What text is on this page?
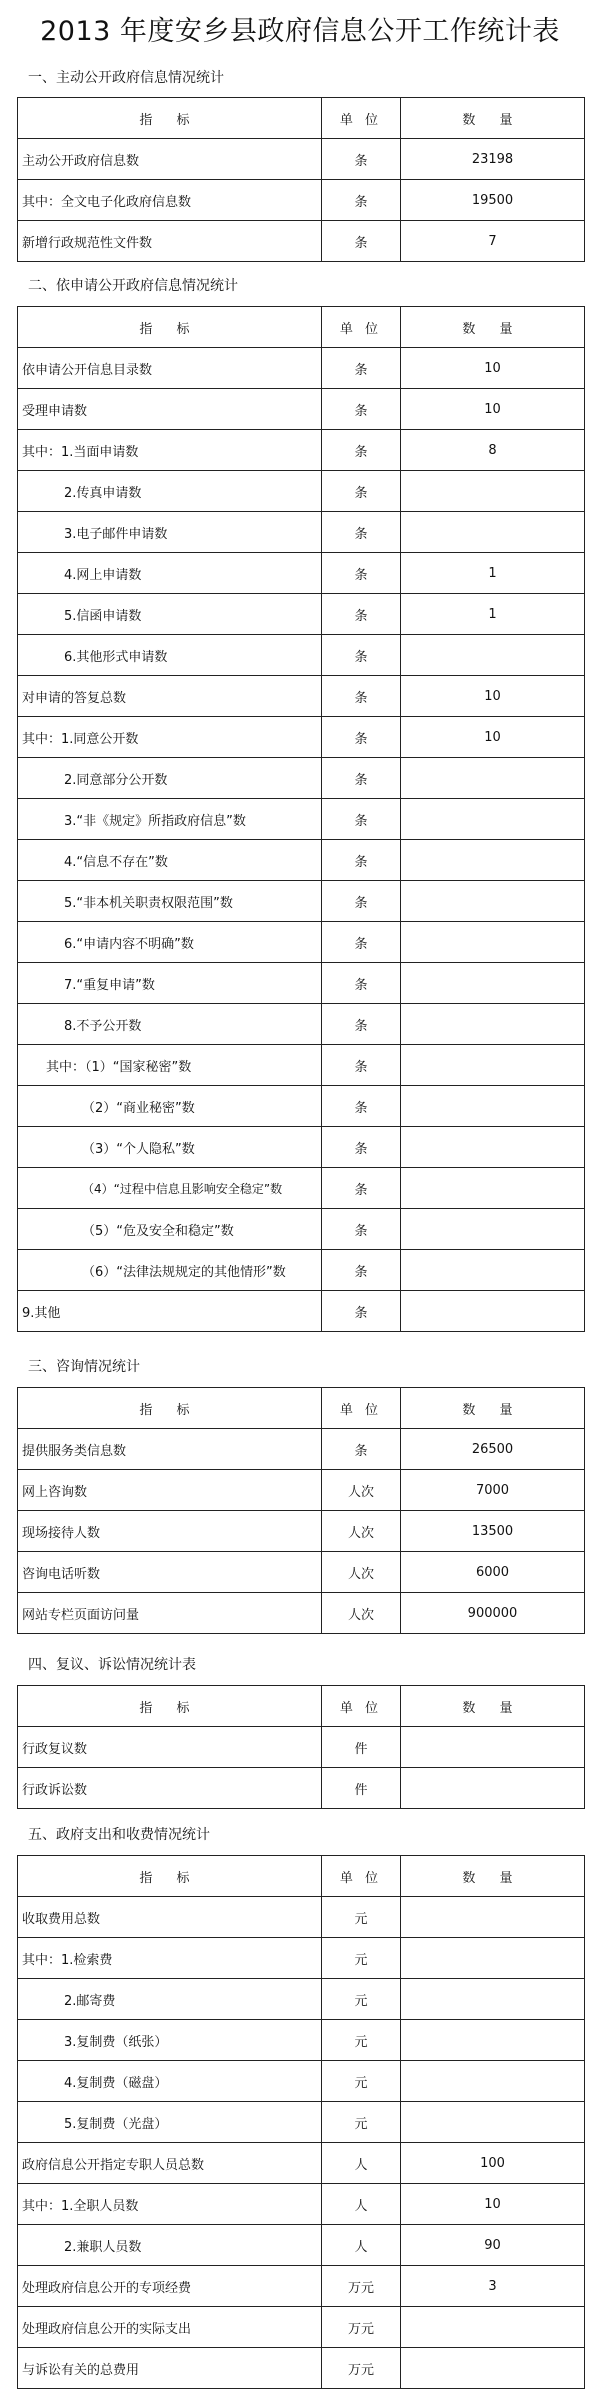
2013 年度安乡县政府信息公开工作统计表
一、主动公开政府信息情况统计
指 标	单 位	数 量
主动公开政府信息数	条	23198
其中：全文电子化政府信息数	条	19500
新增行政规范性文件数	条	7
二、依申请公开政府信息情况统计
指 标	单 位	数 量
依申请公开信息目录数	条	10
受理申请数	条	10
其中：1.当面申请数	条	8
2.传真申请数	条	
3.电子邮件申请数	条	
4.网上申请数	条	1
5.信函申请数	条	1
6.其他形式申请数	条	
对申请的答复总数	条	10
其中：1.同意公开数	条	10
2.同意部分公开数	条	
3.“非《规定》所指政府信息”数	条	
4.“信息不存在”数	条	
5.“非本机关职责权限范围”数	条	
6.“申请内容不明确”数	条	
7.“重复申请”数	条	
8.不予公开数	条	
其中：（1）“国家秘密”数	条	
（2）“商业秘密”数	条	
（3）“个人隐私”数	条	
（4）“过程中信息且影响安全稳定”数	条	
（5）“危及安全和稳定”数	条	
（6）“法律法规规定的其他情形”数	条	
9.其他	条	
三、咨询情况统计
指 标	单 位	数 量
提供服务类信息数	条	26500
网上咨询数	人次	7000
现场接待人数	人次	13500
咨询电话听数	人次	6000
网站专栏页面访问量	人次	900000
四、复议、诉讼情况统计表
指 标	单 位	数 量
行政复议数	件	
行政诉讼数	件	
五、政府支出和收费情况统计
指 标	单 位	数 量
收取费用总数	元	
其中：1.检索费	元	
2.邮寄费	元	
3.复制费（纸张）	元	
4.复制费（磁盘）	元	
5.复制费（光盘）	元	
政府信息公开指定专职人员总数	人	100
其中：1.全职人员数	人	10
2.兼职人员数	人	90
处理政府信息公开的专项经费	万元	3
处理政府信息公开的实际支出	万元	
与诉讼有关的总费用	万元	
